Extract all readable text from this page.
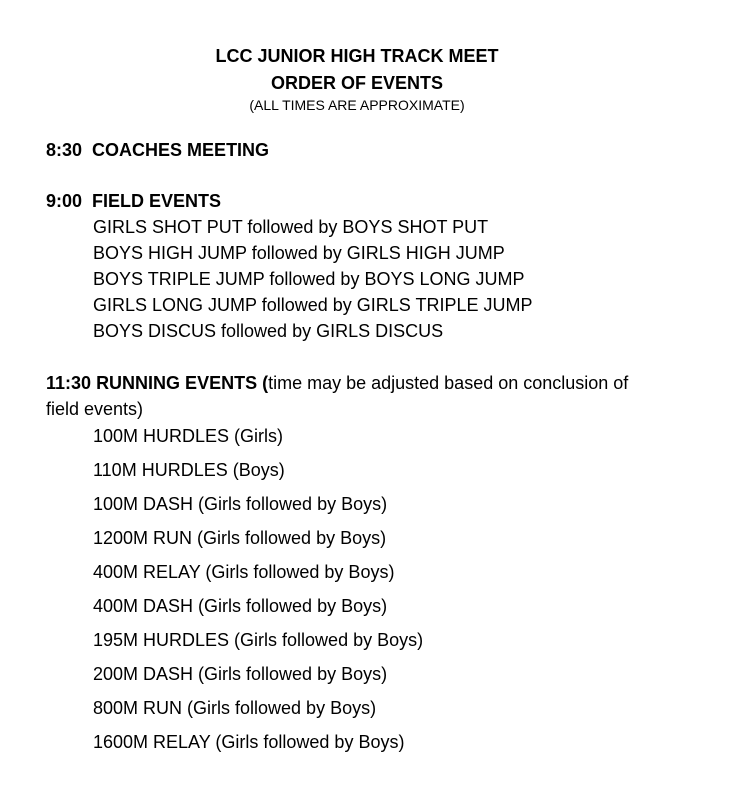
LCC JUNIOR HIGH TRACK MEET
ORDER OF EVENTS
(ALL TIMES ARE APPROXIMATE)
8:30 COACHES MEETING
9:00 FIELD EVENTS
GIRLS SHOT PUT followed by BOYS SHOT PUT
BOYS HIGH JUMP followed by GIRLS HIGH JUMP
BOYS TRIPLE JUMP followed by BOYS LONG JUMP
GIRLS LONG JUMP followed by GIRLS TRIPLE JUMP
BOYS DISCUS followed by GIRLS DISCUS
11:30 RUNNING EVENTS (time may be adjusted based on conclusion of
field events)
100M HURDLES (Girls)
110M HURDLES (Boys)
100M DASH (Girls followed by Boys)
1200M RUN (Girls followed by Boys)
400M RELAY (Girls followed by Boys)
400M DASH (Girls followed by Boys)
195M HURDLES (Girls followed by Boys)
200M DASH (Girls followed by Boys)
800M RUN (Girls followed by Boys)
1600M RELAY (Girls followed by Boys)
